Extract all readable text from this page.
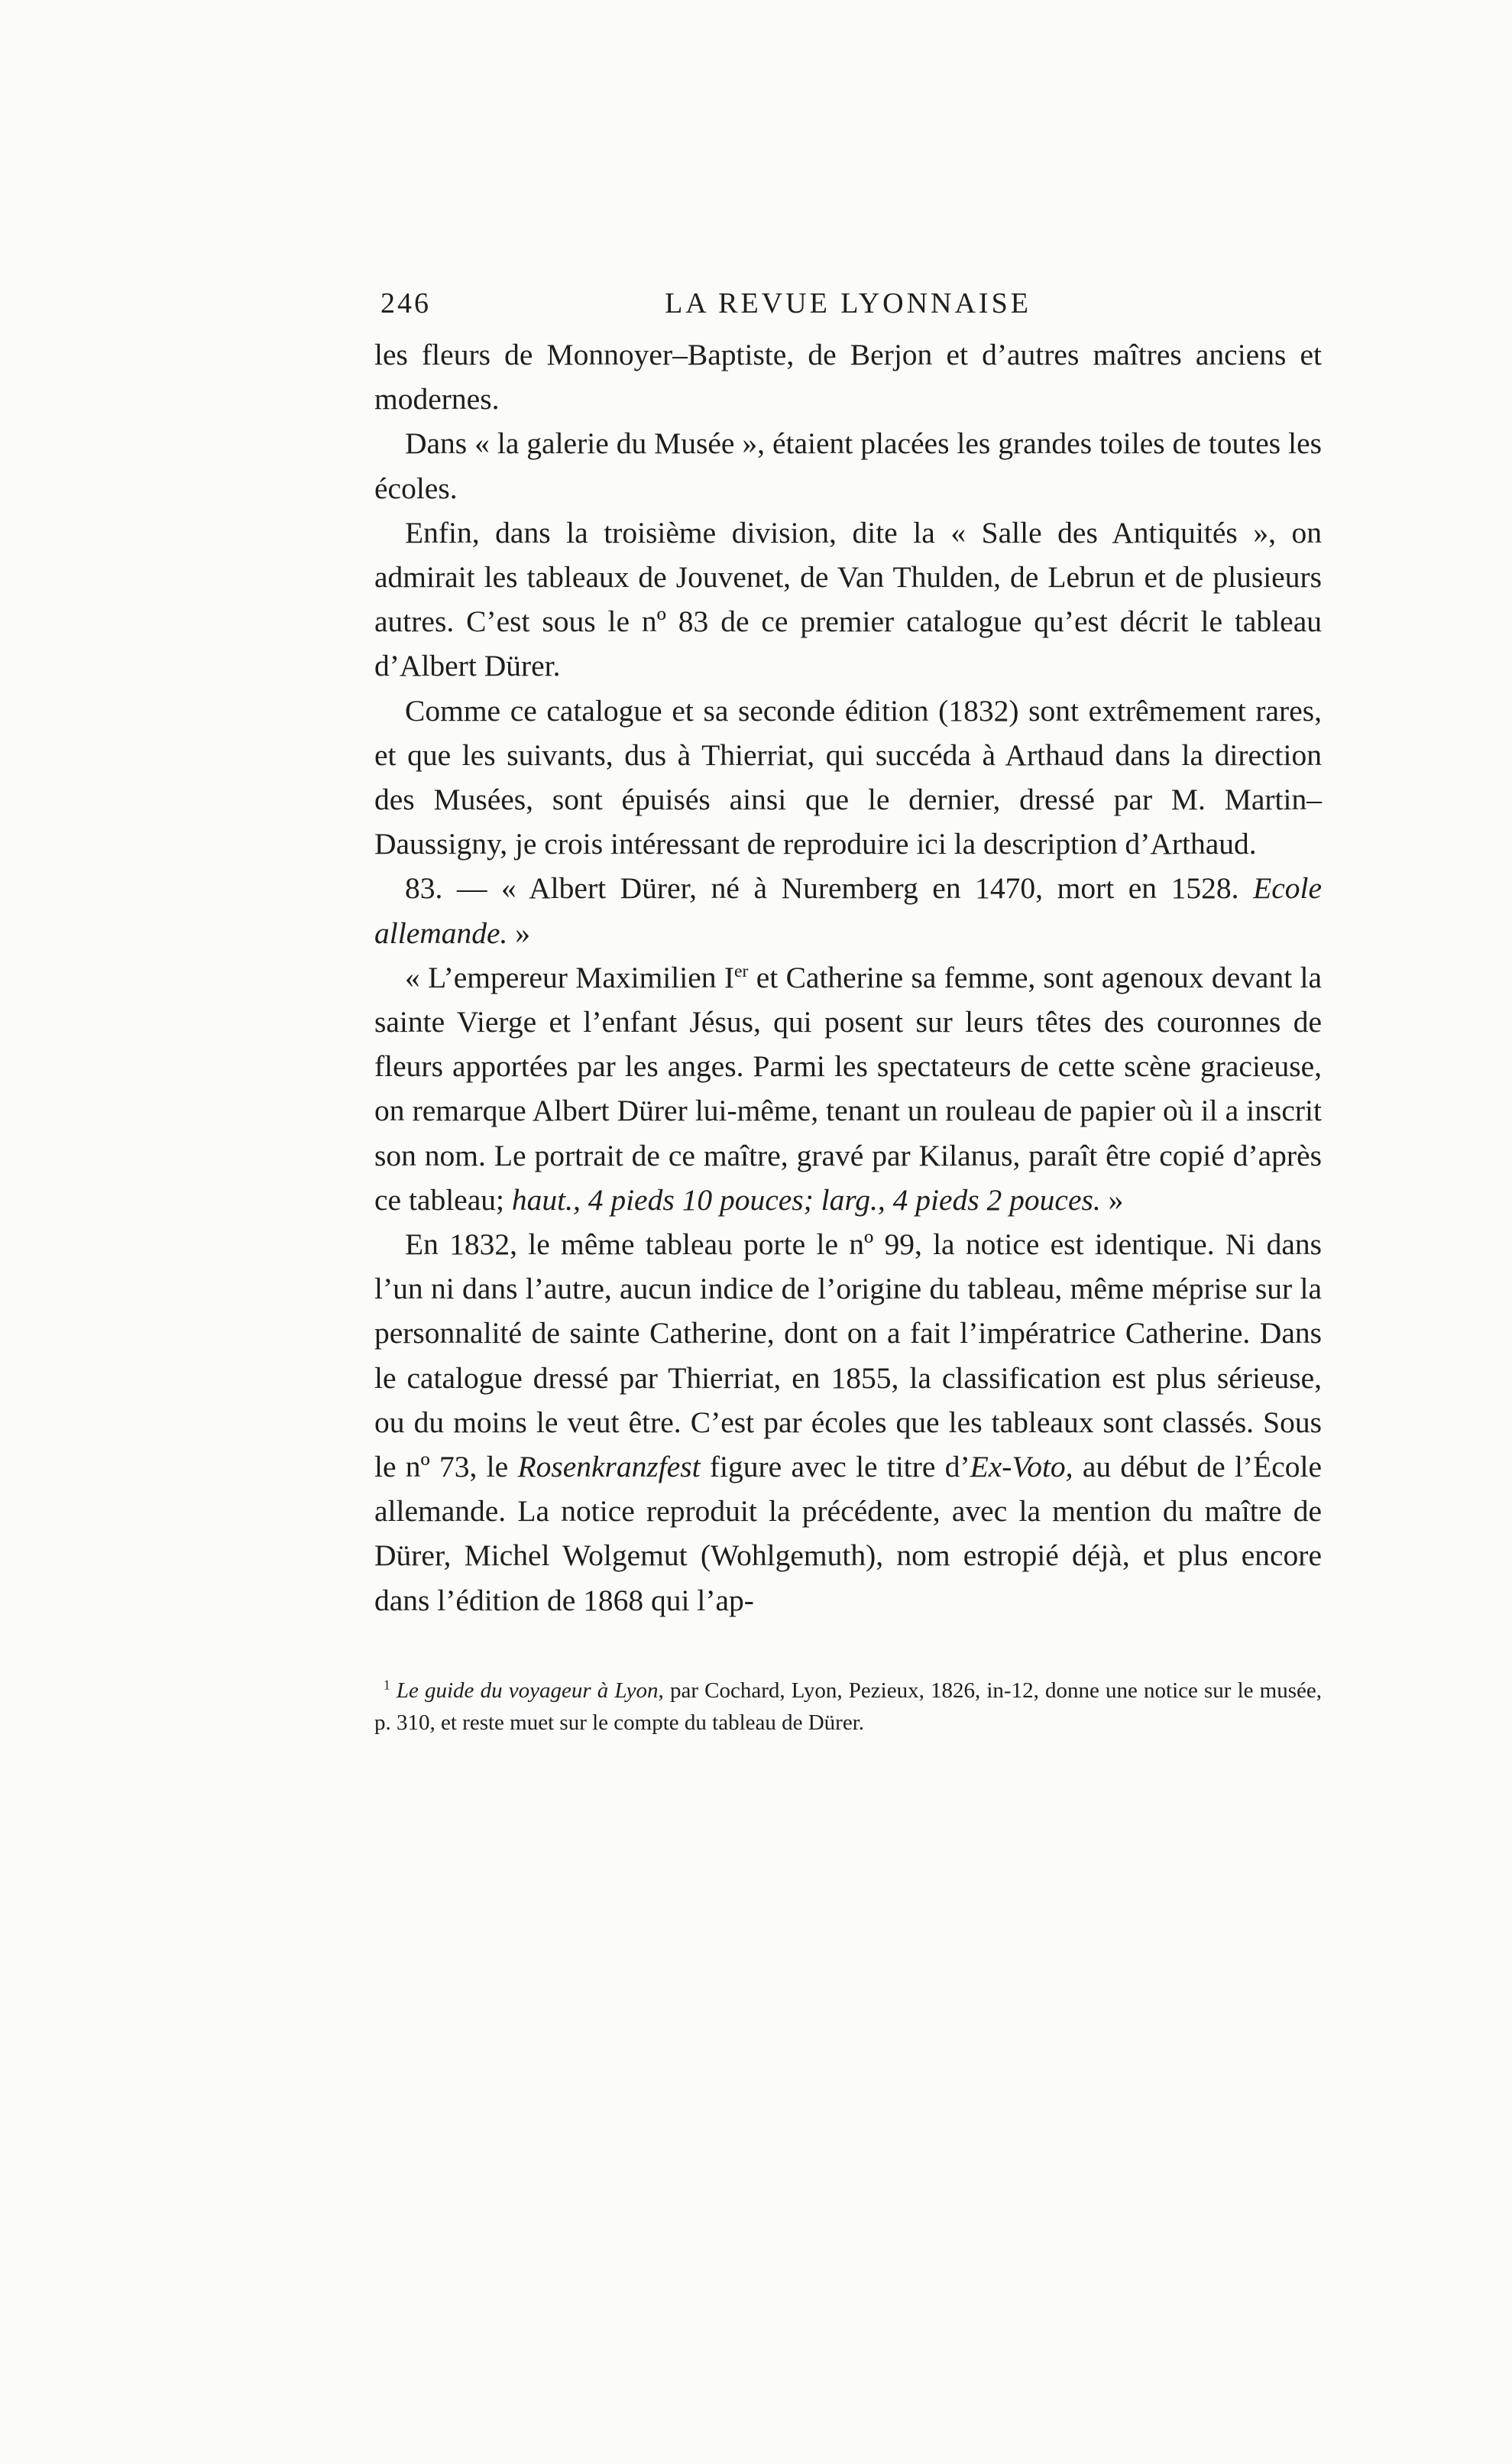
246	LA REVUE LYONNAISE

les fleurs de Monnoyer–Baptiste, de Berjon et d’autres maîtres anciens et modernes.

Dans « la galerie du Musée », étaient placées les grandes toiles de toutes les écoles.

Enfin, dans la troisième division, dite la « Salle des Antiquités », on admirait les tableaux de Jouvenet, de Van Thulden, de Lebrun et de plusieurs autres. C’est sous le nº 83 de ce premier catalogue qu’est décrit le tableau d’Albert Dürer.

Comme ce catalogue et sa seconde édition (1832) sont extrêmement rares, et que les suivants, dus à Thierriat, qui succéda à Arthaud dans la direction des Musées, sont épuisés ainsi que le dernier, dressé par M. Martin–Daussigny, je crois intéressant de reproduire ici la description d’Arthaud.

83. — « Albert Dürer, né à Nuremberg en 1470, mort en 1528. Ecole allemande. »

« L’empereur Maximilien Ier et Catherine sa femme, sont agenoux devant la sainte Vierge et l’enfant Jésus, qui posent sur leurs têtes des couronnes de fleurs apportées par les anges. Parmi les spectateurs de cette scène gracieuse, on remarque Albert Dürer lui-même, tenant un rouleau de papier où il a inscrit son nom. Le portrait de ce maître, gravé par Kilanus, paraît être copié d’après ce tableau; haut., 4 pieds 10 pouces; larg., 4 pieds 2 pouces. »

En 1832, le même tableau porte le nº 99, la notice est identique. Ni dans l’un ni dans l’autre, aucun indice de l’origine du tableau, même méprise sur la personnalité de sainte Catherine, dont on a fait l’impératrice Catherine. Dans le catalogue dressé par Thierriat, en 1855, la classification est plus sérieuse, ou du moins le veut être. C’est par écoles que les tableaux sont classés. Sous le nº 73, le Rosenkranzfest figure avec le titre d’Ex-Voto, au début de l’École allemande. La notice reproduit la précédente, avec la mention du maître de Dürer, Michel Wolgemut (Wohlgemuth), nom estropié déjà, et plus encore dans l’édition de 1868 qui l’ap-

$^1$ Le guide du voyageur à Lyon, par Cochard, Lyon, Pezieux, 1826, in-12, donne une notice sur le musée, p. 310, et reste muet sur le compte du tableau de Dürer.
